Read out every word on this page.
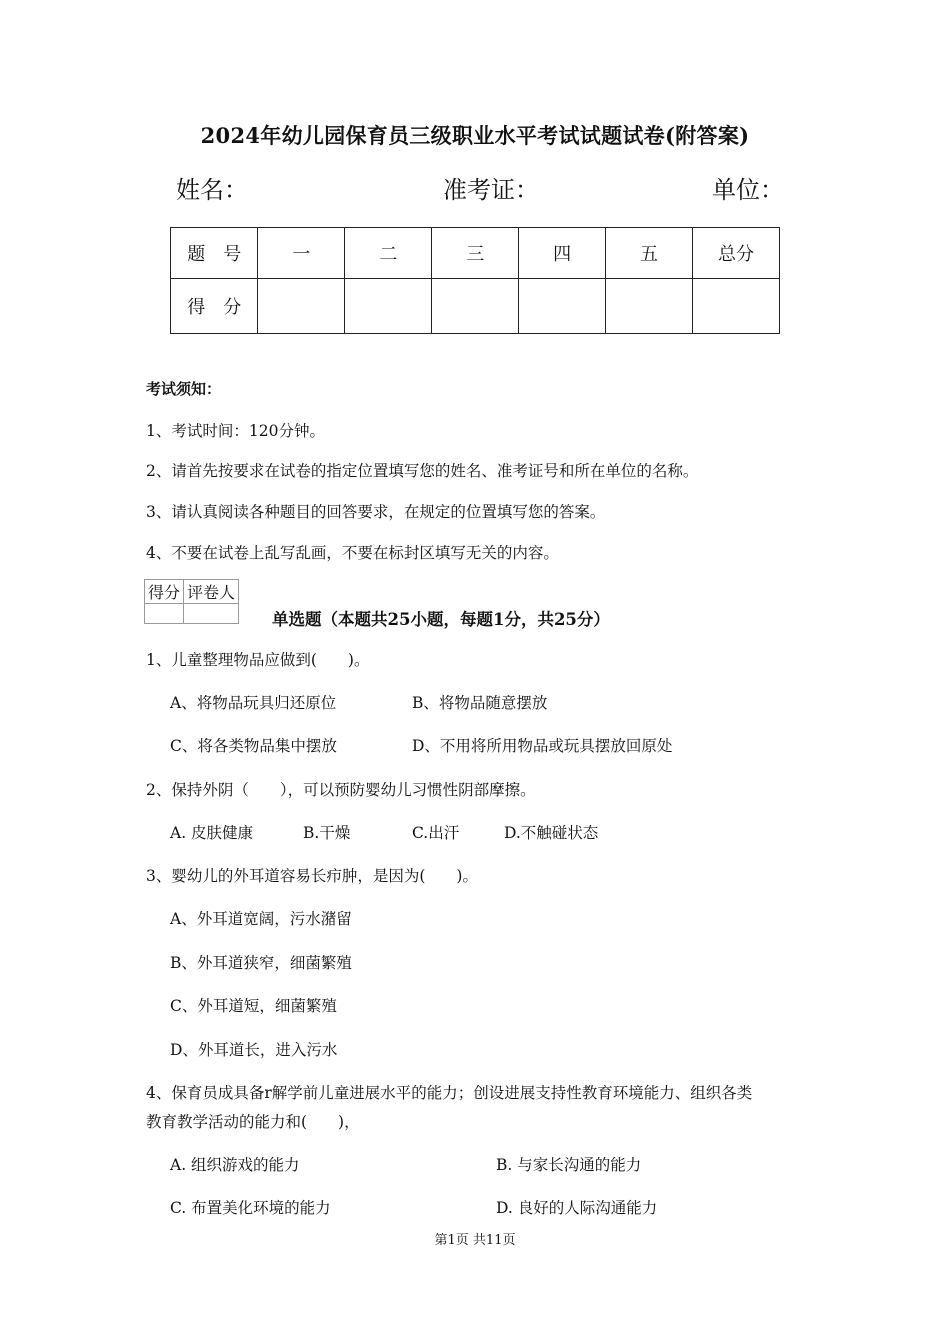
2024年幼儿园保育员三级职业水平考试试题试卷(附答案)
姓名：	准考证：	单位：
题　号	一	二	三	四	五	总分
得　分						
考试须知：
1、考试时间：120分钟。
2、请首先按要求在试卷的指定位置填写您的姓名、准考证号和所在单位的名称。
3、请认真阅读各种题目的回答要求，在规定的位置填写您的答案。
4、不要在试卷上乱写乱画，不要在标封区填写无关的内容。
得分	评卷人

单选题（本题共25小题，每题1分，共25分）
1、儿童整理物品应做到(　　)。
A、将物品玩具归还原位	B、将物品随意摆放
C、将各类物品集中摆放	D、不用将所用物品或玩具摆放回原处
2、保持外阴（　　），可以预防婴幼儿习惯性阴部摩擦。
A. 皮肤健康	B.干燥	C.出汗	D.不触碰状态
3、婴幼儿的外耳道容易长疖肿，是因为(　　)。
A、外耳道宽阔，污水潴留
B、外耳道狭窄，细菌繁殖
C、外耳道短，细菌繁殖
D、外耳道长，进入污水
4、保育员成具备r解学前儿童进展水平的能力；创设进展支持性教育环境能力、组织各类
教育教学活动的能力和(　　)，
A. 组织游戏的能力	B. 与家长沟通的能力
C. 布置美化环境的能力	D. 良好的人际沟通能力
第1页 共11页
